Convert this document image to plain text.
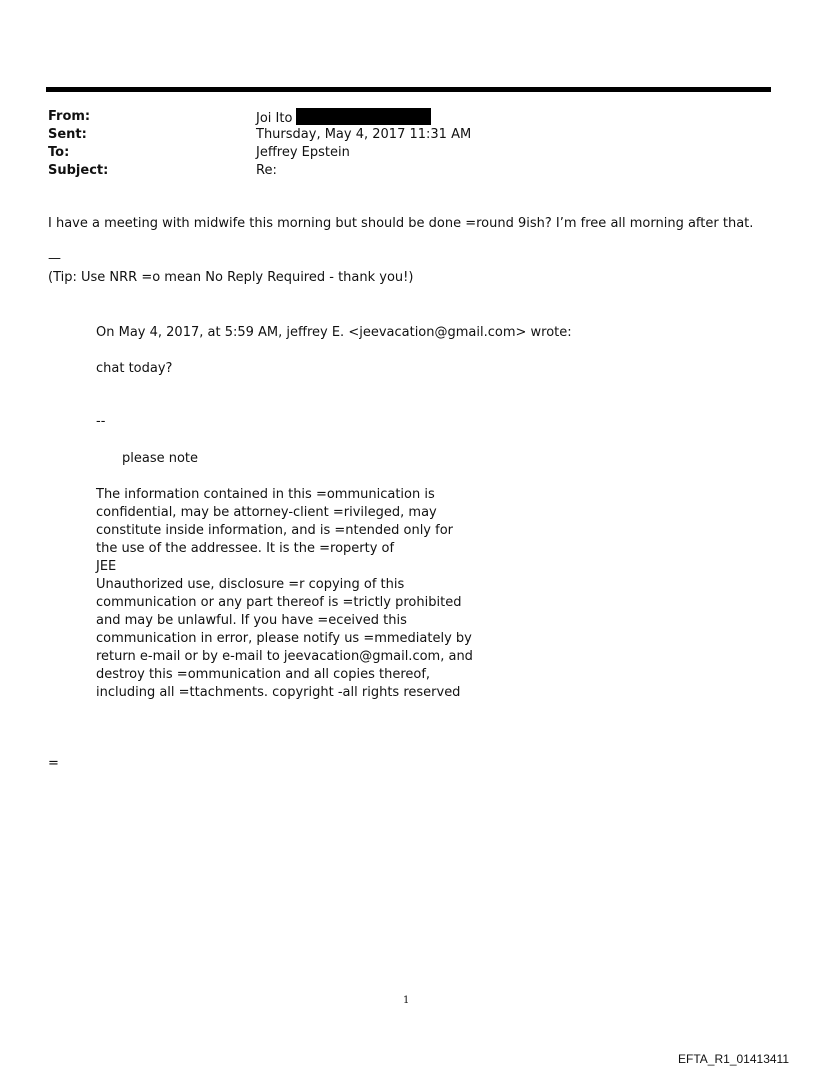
From:	Joi Ito
Sent:	Thursday, May 4, 2017 11:31 AM
To:	Jeffrey Epstein
Subject:	Re:
I have a meeting with midwife this morning but should be done =round 9ish? I’m free all morning after that.
—
(Tip: Use NRR =o mean No Reply Required - thank you!)
On May 4, 2017, at 5:59 AM, jeffrey E. <jeevacation@gmail.com> wrote:
chat today?
--
please note
The information contained in this =ommunication is
confidential, may be attorney-client =rivileged, may
constitute inside information, and is =ntended only for
the use of the addressee. It is the =roperty of
JEE
Unauthorized use, disclosure =r copying of this
communication or any part thereof is =trictly prohibited
and may be unlawful. If you have =eceived this
communication in error, please notify us =mmediately by
return e-mail or by e-mail to jeevacation@gmail.com, and
destroy this =ommunication and all copies thereof,
including all =ttachments. copyright -all rights reserved
=
1
EFTA_R1_01413411
